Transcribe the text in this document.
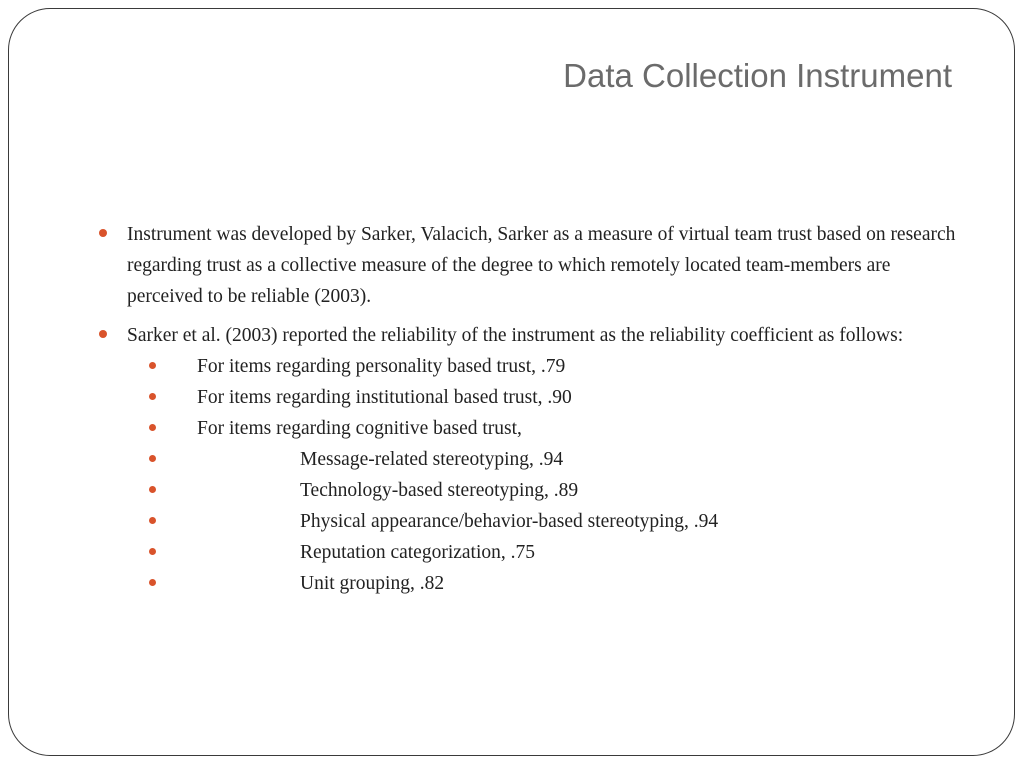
Data Collection Instrument
Instrument was developed by Sarker, Valacich, Sarker as a measure of virtual team trust based on research regarding trust as a collective measure of the degree to which remotely located team-members are perceived to be reliable (2003).
Sarker et al. (2003) reported the reliability of the instrument as the reliability coefficient as follows:
For items regarding personality based trust, .79
For items regarding institutional based trust, .90
For items regarding cognitive based trust,
Message-related stereotyping, .94
Technology-based stereotyping, .89
Physical appearance/behavior-based stereotyping, .94
Reputation categorization, .75
Unit grouping, .82
